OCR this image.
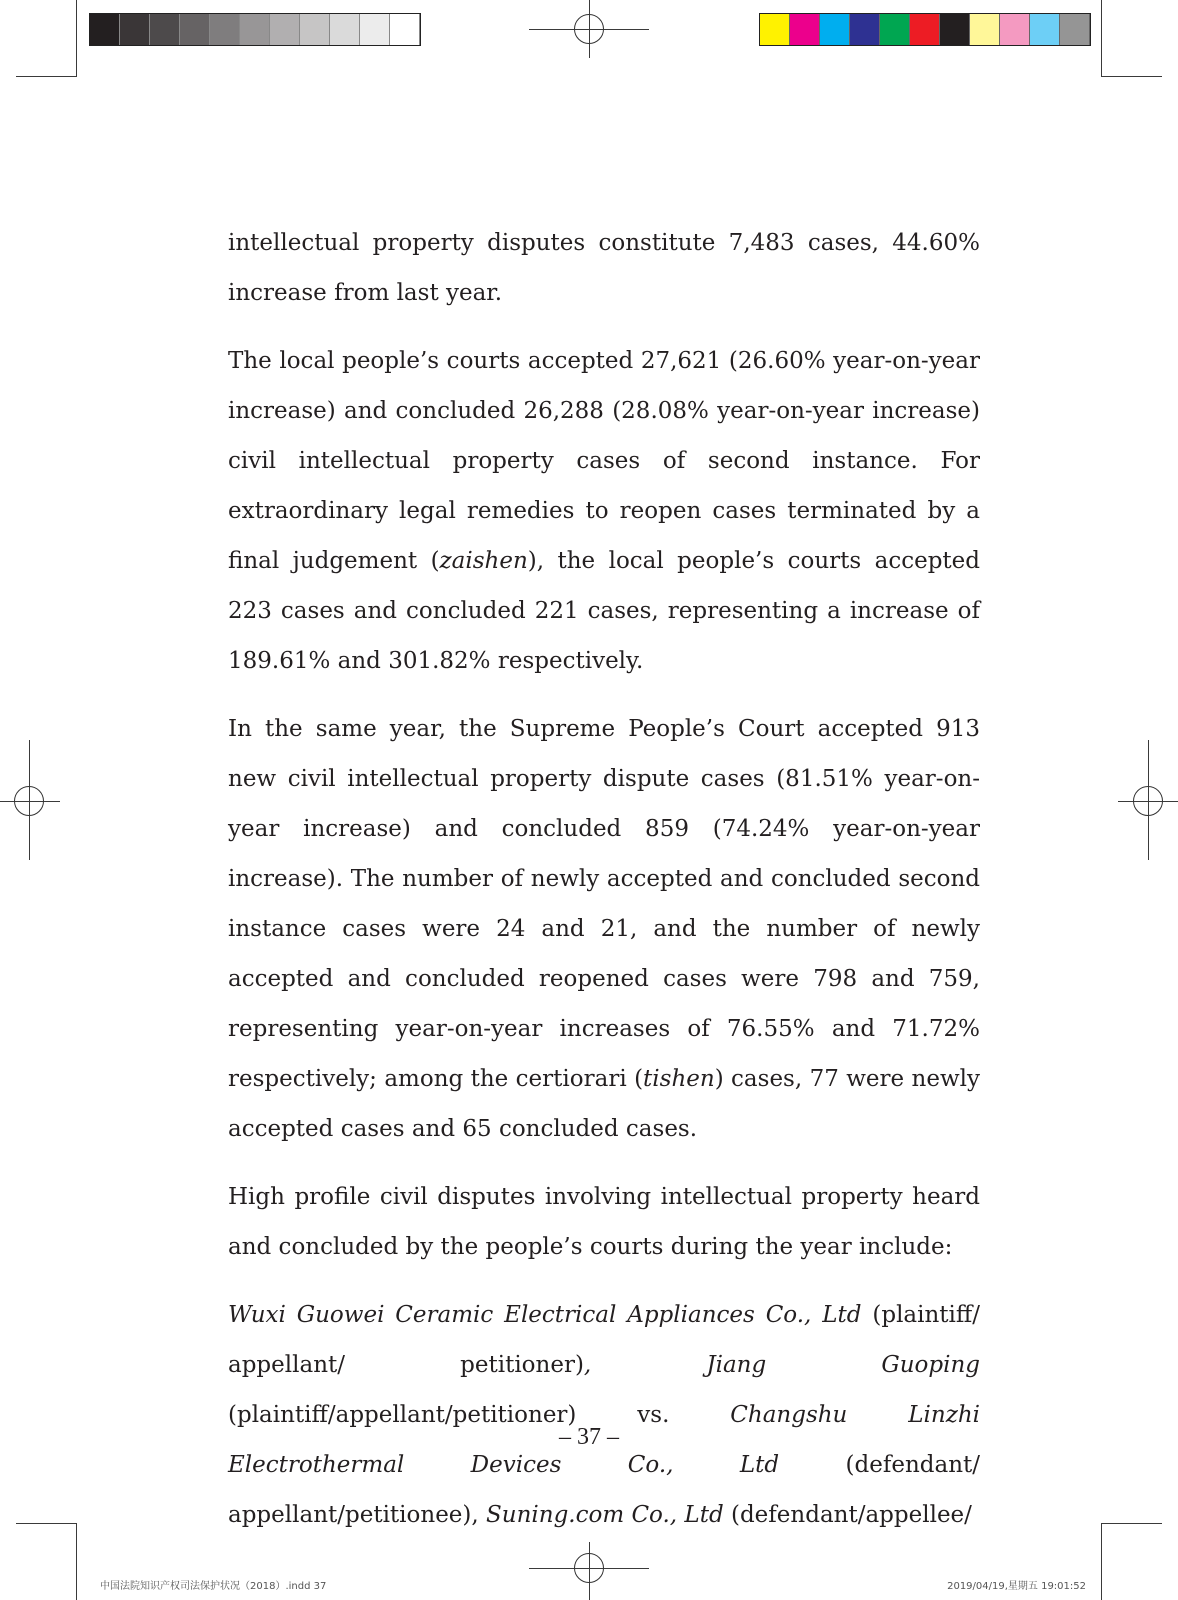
intellectual property disputes constitute 7,483 cases, 44.60% increase from last year.

The local people’s courts accepted 27,621 (26.60% year-on-year increase) and concluded 26,288 (28.08% year-on-year increase) civil intellectual property cases of second instance. For extraordinary legal remedies to reopen cases terminated by a final judgement (zaishen), the local people’s courts accepted 223 cases and concluded 221 cases, representing a increase of 189.61% and 301.82% respectively.

In the same year, the Supreme People’s Court accepted 913 new civil intellectual property dispute cases (81.51% year-on-year increase) and concluded 859 (74.24% year-on-year increase). The number of newly accepted and concluded second instance cases were 24 and 21, and the number of newly accepted and concluded reopened cases were 798 and 759, representing year-on-year increases of 76.55% and 71.72% respectively; among the certiorari (tishen) cases, 77 were newly accepted cases and 65 concluded cases.

High profile civil disputes involving intellectual property heard and concluded by the people’s courts during the year include:

Wuxi Guowei Ceramic Electrical Appliances Co., Ltd (plaintiff/ appellant/ petitioner), Jiang Guoping (plaintiff/appellant/petitioner) vs. Changshu Linzhi Electrothermal Devices Co., Ltd (defendant/ appellant/petitionee), Suning.com Co., Ltd (defendant/appellee/

– 37 –
中国法院知识产权司法保护状况（2018）.indd 37	2019/04/19,星期五 19:01:52
